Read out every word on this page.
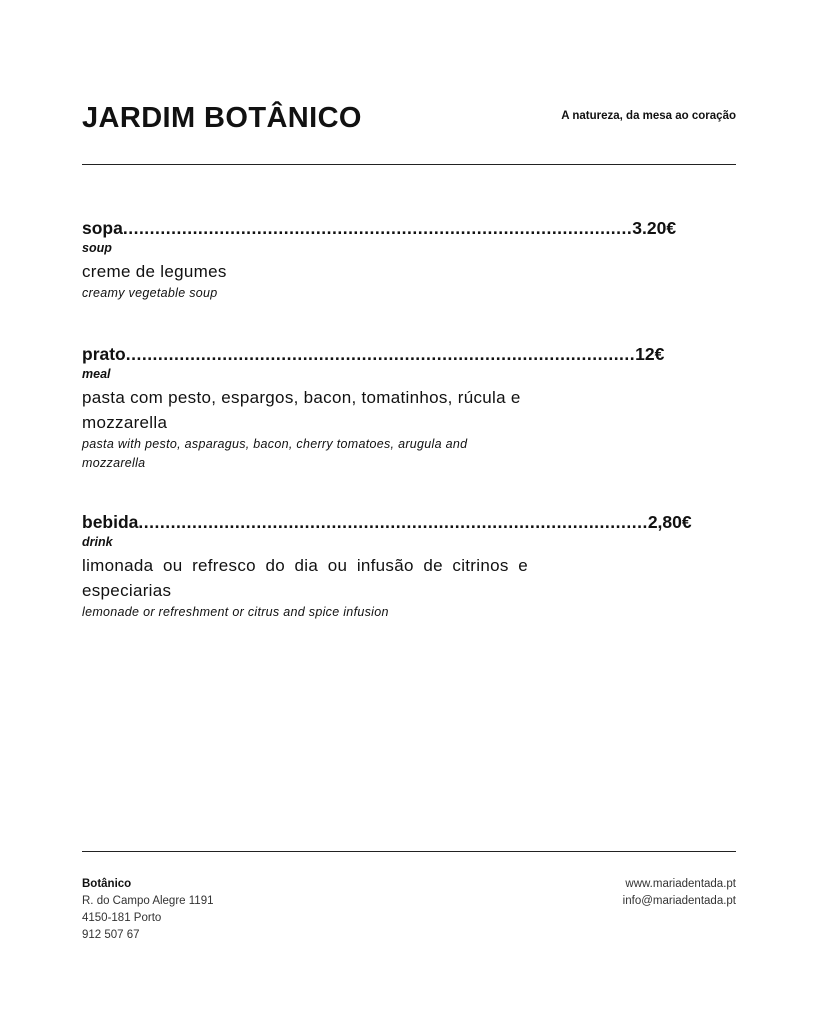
JARDIM BOTÂNICO	A natureza, da mesa ao coração
sopa ............................................................................................... 3.20€
soup
creme de legumes
creamy vegetable soup
prato ............................................................................................... 12€
meal
pasta com pesto, espargos, bacon, tomatinhos, rúcula e mozzarella
pasta with pesto, asparagus, bacon, cherry tomatoes, arugula and mozzarella
bebida ............................................................................................... 2,80€
drink
limonada ou refresco do dia ou infusão de citrinos e especiarias
lemonade or refreshment or citrus and spice infusion
Botânico
R. do Campo Alegre 1191
4150-181 Porto
912 507 67
www.mariadentada.pt
info@mariadentada.pt
